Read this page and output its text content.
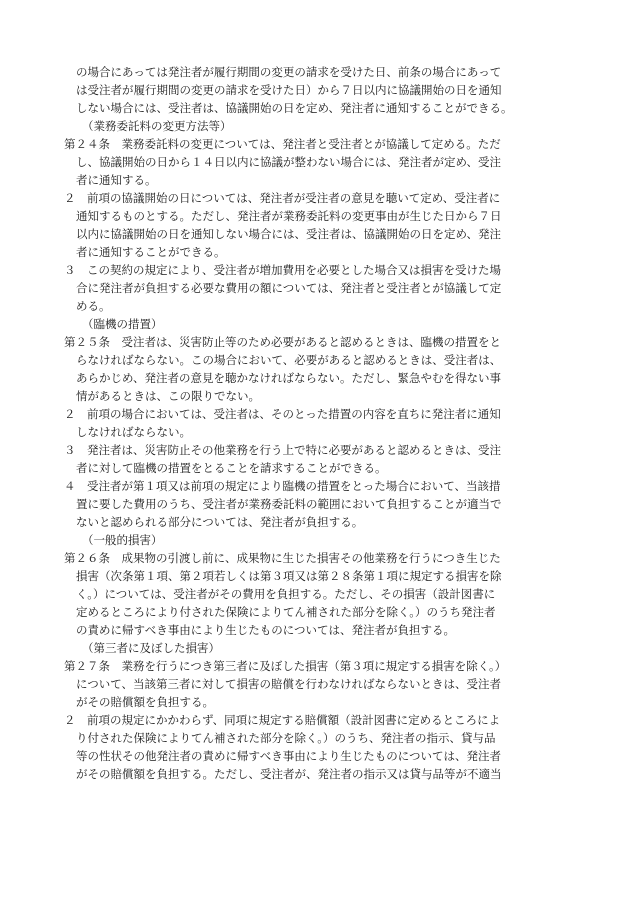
の場合にあっては発注者が履行期間の変更の請求を受けた日、前条の場合にあって
は受注者が履行期間の変更の請求を受けた日）から７日以内に協議開始の日を通知
しない場合には、受注者は、協議開始の日を定め、発注者に通知することができる。
（業務委託料の変更方法等）
第２４条　業務委託料の変更については、発注者と受注者とが協議して定める。ただ
し、協議開始の日から１４日以内に協議が整わない場合には、発注者が定め、受注
者に通知する。
２　前項の協議開始の日については、発注者が受注者の意見を聴いて定め、受注者に
通知するものとする。ただし、発注者が業務委託料の変更事由が生じた日から７日
以内に協議開始の日を通知しない場合には、受注者は、協議開始の日を定め、発注
者に通知することができる。
３　この契約の規定により、受注者が増加費用を必要とした場合又は損害を受けた場
合に発注者が負担する必要な費用の額については、発注者と受注者とが協議して定
める。
（臨機の措置）
第２５条　受注者は、災害防止等のため必要があると認めるときは、臨機の措置をと
らなければならない。この場合において、必要があると認めるときは、受注者は、
あらかじめ、発注者の意見を聴かなければならない。ただし、緊急やむを得ない事
情があるときは、この限りでない。
２　前項の場合においては、受注者は、そのとった措置の内容を直ちに発注者に通知
しなければならない。
３　発注者は、災害防止その他業務を行う上で特に必要があると認めるときは、受注
者に対して臨機の措置をとることを請求することができる。
４　受注者が第１項又は前項の規定により臨機の措置をとった場合において、当該措
置に要した費用のうち、受注者が業務委託料の範囲において負担することが適当で
ないと認められる部分については、発注者が負担する。
（一般的損害）
第２６条　成果物の引渡し前に、成果物に生じた損害その他業務を行うにつき生じた
損害（次条第１項、第２項若しくは第３項又は第２８条第１項に規定する損害を除
く。）については、受注者がその費用を負担する。ただし、その損害（設計図書に
定めるところにより付された保険によりてん補された部分を除く。）のうち発注者
の責めに帰すべき事由により生じたものについては、発注者が負担する。
（第三者に及ぼした損害）
第２７条　業務を行うにつき第三者に及ぼした損害（第３項に規定する損害を除く。）
について、当該第三者に対して損害の賠償を行わなければならないときは、受注者
がその賠償額を負担する。
２　前項の規定にかかわらず、同項に規定する賠償額（設計図書に定めるところによ
り付された保険によりてん補された部分を除く。）のうち、発注者の指示、貸与品
等の性状その他発注者の責めに帰すべき事由により生じたものについては、発注者
がその賠償額を負担する。ただし、受注者が、発注者の指示又は貸与品等が不適当
